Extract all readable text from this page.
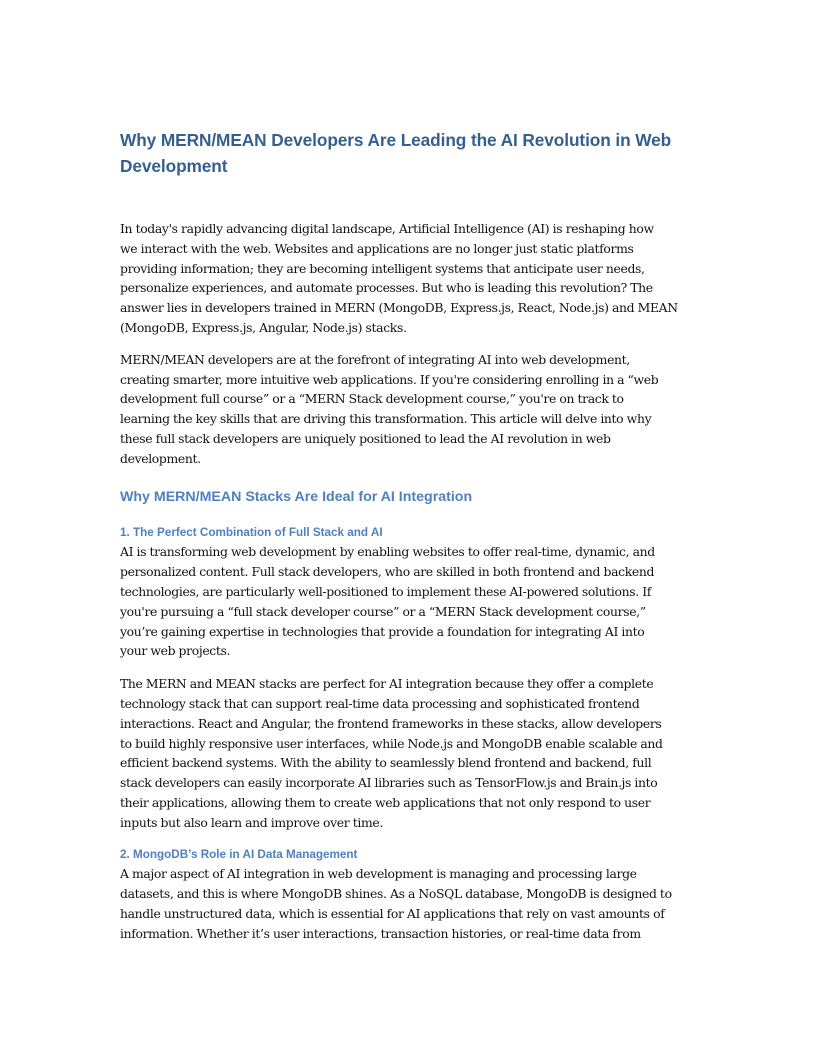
Why MERN/MEAN Developers Are Leading the AI Revolution in Web
Development

In today's rapidly advancing digital landscape, Artificial Intelligence (AI) is reshaping how
we interact with the web. Websites and applications are no longer just static platforms
providing information; they are becoming intelligent systems that anticipate user needs,
personalize experiences, and automate processes. But who is leading this revolution? The
answer lies in developers trained in MERN (MongoDB, Express.js, React, Node.js) and MEAN
(MongoDB, Express.js, Angular, Node.js) stacks.

MERN/MEAN developers are at the forefront of integrating AI into web development,
creating smarter, more intuitive web applications. If you're considering enrolling in a “web
development full course” or a “MERN Stack development course,” you're on track to
learning the key skills that are driving this transformation. This article will delve into why
these full stack developers are uniquely positioned to lead the AI revolution in web
development.

Why MERN/MEAN Stacks Are Ideal for AI Integration
1. The Perfect Combination of Full Stack and AI

AI is transforming web development by enabling websites to offer real-time, dynamic, and
personalized content. Full stack developers, who are skilled in both frontend and backend
technologies, are particularly well-positioned to implement these AI-powered solutions. If
you're pursuing a “full stack developer course” or a “MERN Stack development course,”
you’re gaining expertise in technologies that provide a foundation for integrating AI into
your web projects.

The MERN and MEAN stacks are perfect for AI integration because they offer a complete
technology stack that can support real-time data processing and sophisticated frontend
interactions. React and Angular, the frontend frameworks in these stacks, allow developers
to build highly responsive user interfaces, while Node.js and MongoDB enable scalable and
efficient backend systems. With the ability to seamlessly blend frontend and backend, full
stack developers can easily incorporate AI libraries such as TensorFlow.js and Brain.js into
their applications, allowing them to create web applications that not only respond to user
inputs but also learn and improve over time.

2. MongoDB’s Role in AI Data Management

A major aspect of AI integration in web development is managing and processing large
datasets, and this is where MongoDB shines. As a NoSQL database, MongoDB is designed to
handle unstructured data, which is essential for AI applications that rely on vast amounts of
information. Whether it’s user interactions, transaction histories, or real-time data from
